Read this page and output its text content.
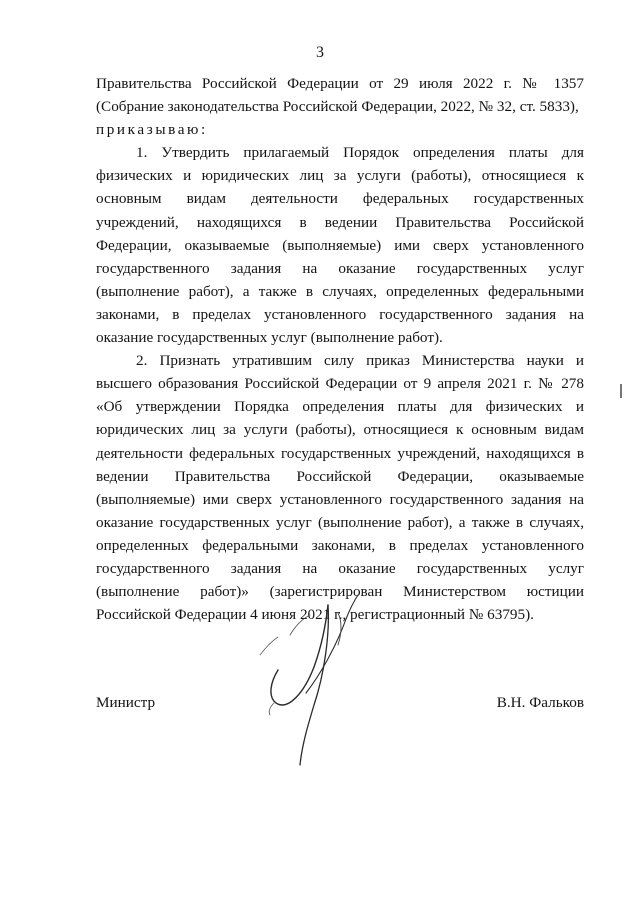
3

Правительства Российской Федерации от 29 июля 2022 г. № 1357 (Собрание законодательства Российской Федерации, 2022, № 32, ст. 5833),
приказываю:

1. Утвердить прилагаемый Порядок определения платы для физических и юридических лиц за услуги (работы), относящиеся к основным видам деятельности федеральных государственных учреждений, находящихся в ведении Правительства Российской Федерации, оказываемые (выполняемые) ими сверх установленного государственного задания на оказание государственных услуг (выполнение работ), а также в случаях, определенных федеральными законами, в пределах установленного государственного задания на оказание государственных услуг (выполнение работ).

2. Признать утратившим силу приказ Министерства науки и высшего образования Российской Федерации от 9 апреля 2021 г. № 278 «Об утверждении Порядка определения платы для физических и юридических лиц за услуги (работы), относящиеся к основным видам деятельности федеральных государственных учреждений, находящихся в ведении Правительства Российской Федерации, оказываемые (выполняемые) ими сверх установленного государственного задания на оказание государственных услуг (выполнение работ), а также в случаях, определенных федеральными законами, в пределах установленного государственного задания на оказание государственных услуг (выполнение работ)» (зарегистрирован Министерством юстиции Российской Федерации 4 июня 2021 г., регистрационный № 63795).

Министр	В.Н. Фальков
